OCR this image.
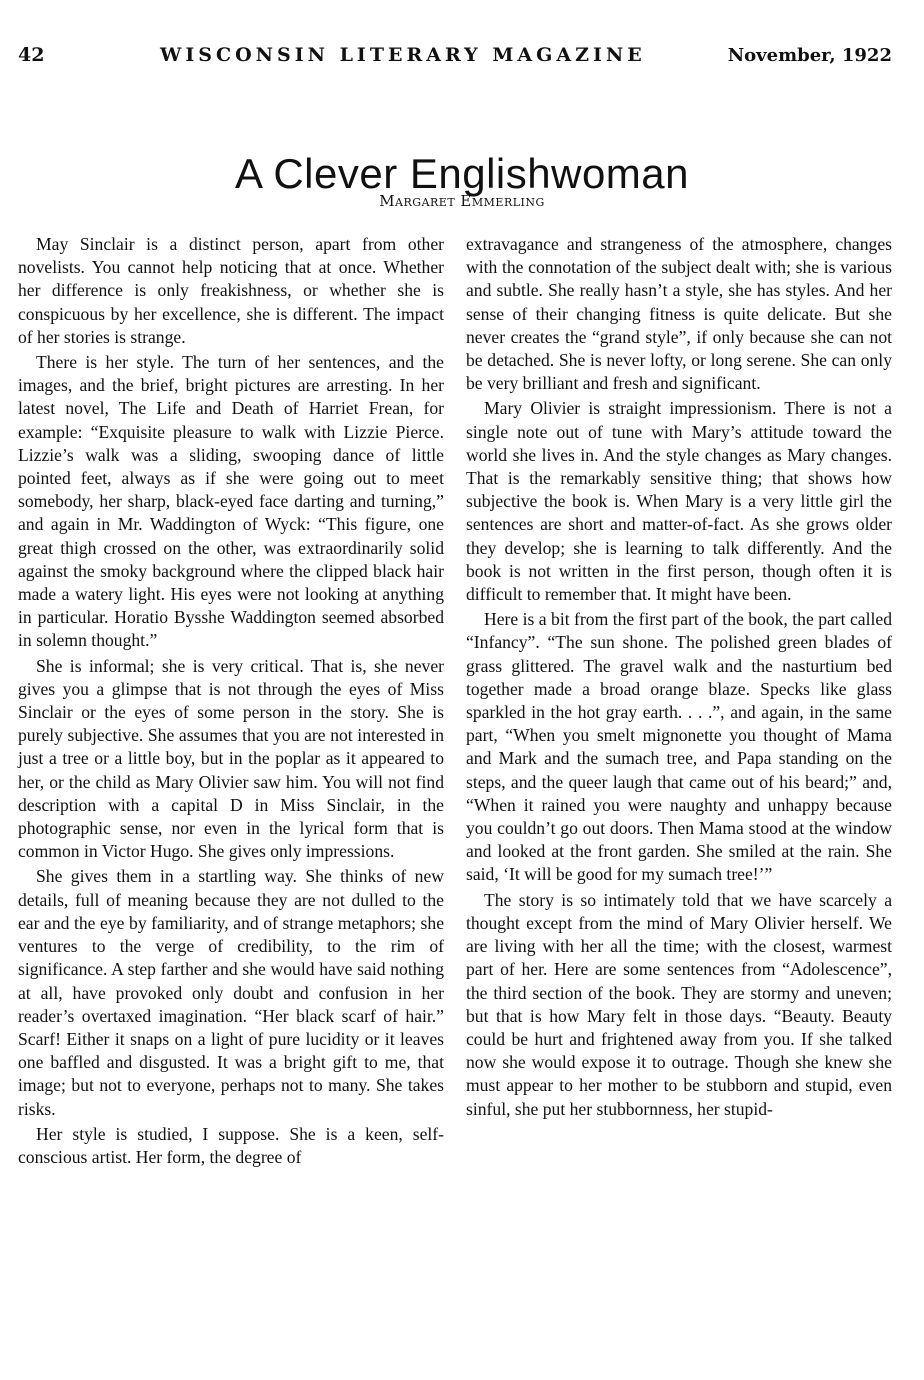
42	WISCONSIN LITERARY MAGAZINE	November, 1922
A Clever Englishwoman
Margaret Emmerling

May Sinclair is a distinct person, apart from other novelists. You cannot help noticing that at once. Whether her difference is only freakishness, or whether she is conspicuous by her excellence, she is different. The impact of her stories is strange.

There is her style. The turn of her sentences, and the images, and the brief, bright pictures are arresting. In her latest novel, The Life and Death of Harriet Frean, for example: “Exquisite pleasure to walk with Lizzie Pierce. Lizzie’s walk was a sliding, swooping dance of little pointed feet, always as if she were going out to meet somebody, her sharp, black-eyed face darting and turning,” and again in Mr. Waddington of Wyck: “This figure, one great thigh crossed on the other, was extraordinarily solid against the smoky background where the clipped black hair made a watery light. His eyes were not looking at anything in particular. Horatio Bysshe Waddington seemed absorbed in solemn thought.”

She is informal; she is very critical. That is, she never gives you a glimpse that is not through the eyes of Miss Sinclair or the eyes of some person in the story. She is purely subjective. She assumes that you are not interested in just a tree or a little boy, but in the poplar as it appeared to her, or the child as Mary Olivier saw him. You will not find description with a capital D in Miss Sinclair, in the photographic sense, nor even in the lyrical form that is common in Victor Hugo. She gives only impressions.

She gives them in a startling way. She thinks of new details, full of meaning because they are not dulled to the ear and the eye by familiarity, and of strange metaphors; she ventures to the verge of credibility, to the rim of significance. A step farther and she would have said nothing at all, have provoked only doubt and confusion in her reader’s overtaxed imagination. “Her black scarf of hair.” Scarf! Either it snaps on a light of pure lucidity or it leaves one baffled and disgusted. It was a bright gift to me, that image; but not to everyone, perhaps not to many. She takes risks.

Her style is studied, I suppose. She is a keen, self-conscious artist. Her form, the degree of

extravagance and strangeness of the atmosphere, changes with the connotation of the subject dealt with; she is various and subtle. She really hasn’t a style, she has styles. And her sense of their changing fitness is quite delicate. But she never creates the “grand style”, if only because she can not be detached. She is never lofty, or long serene. She can only be very brilliant and fresh and significant.

Mary Olivier is straight impressionism. There is not a single note out of tune with Mary’s attitude toward the world she lives in. And the style changes as Mary changes. That is the remarkably sensitive thing; that shows how subjective the book is. When Mary is a very little girl the sentences are short and matter-of-fact. As she grows older they develop; she is learning to talk differently. And the book is not written in the first person, though often it is difficult to remember that. It might have been.

Here is a bit from the first part of the book, the part called “Infancy”. “The sun shone. The polished green blades of grass glittered. The gravel walk and the nasturtium bed together made a broad orange blaze. Specks like glass sparkled in the hot gray earth. . . .”, and again, in the same part, “When you smelt mignonette you thought of Mama and Mark and the sumach tree, and Papa standing on the steps, and the queer laugh that came out of his beard;” and, “When it rained you were naughty and unhappy because you couldn’t go out doors. Then Mama stood at the window and looked at the front garden. She smiled at the rain. She said, ‘It will be good for my sumach tree!’”

The story is so intimately told that we have scarcely a thought except from the mind of Mary Olivier herself. We are living with her all the time; with the closest, warmest part of her. Here are some sentences from “Adolescence”, the third section of the book. They are stormy and uneven; but that is how Mary felt in those days. “Beauty. Beauty could be hurt and frightened away from you. If she talked now she would expose it to outrage. Though she knew she must appear to her mother to be stubborn and stupid, even sinful, she put her stubbornness, her stupid-
